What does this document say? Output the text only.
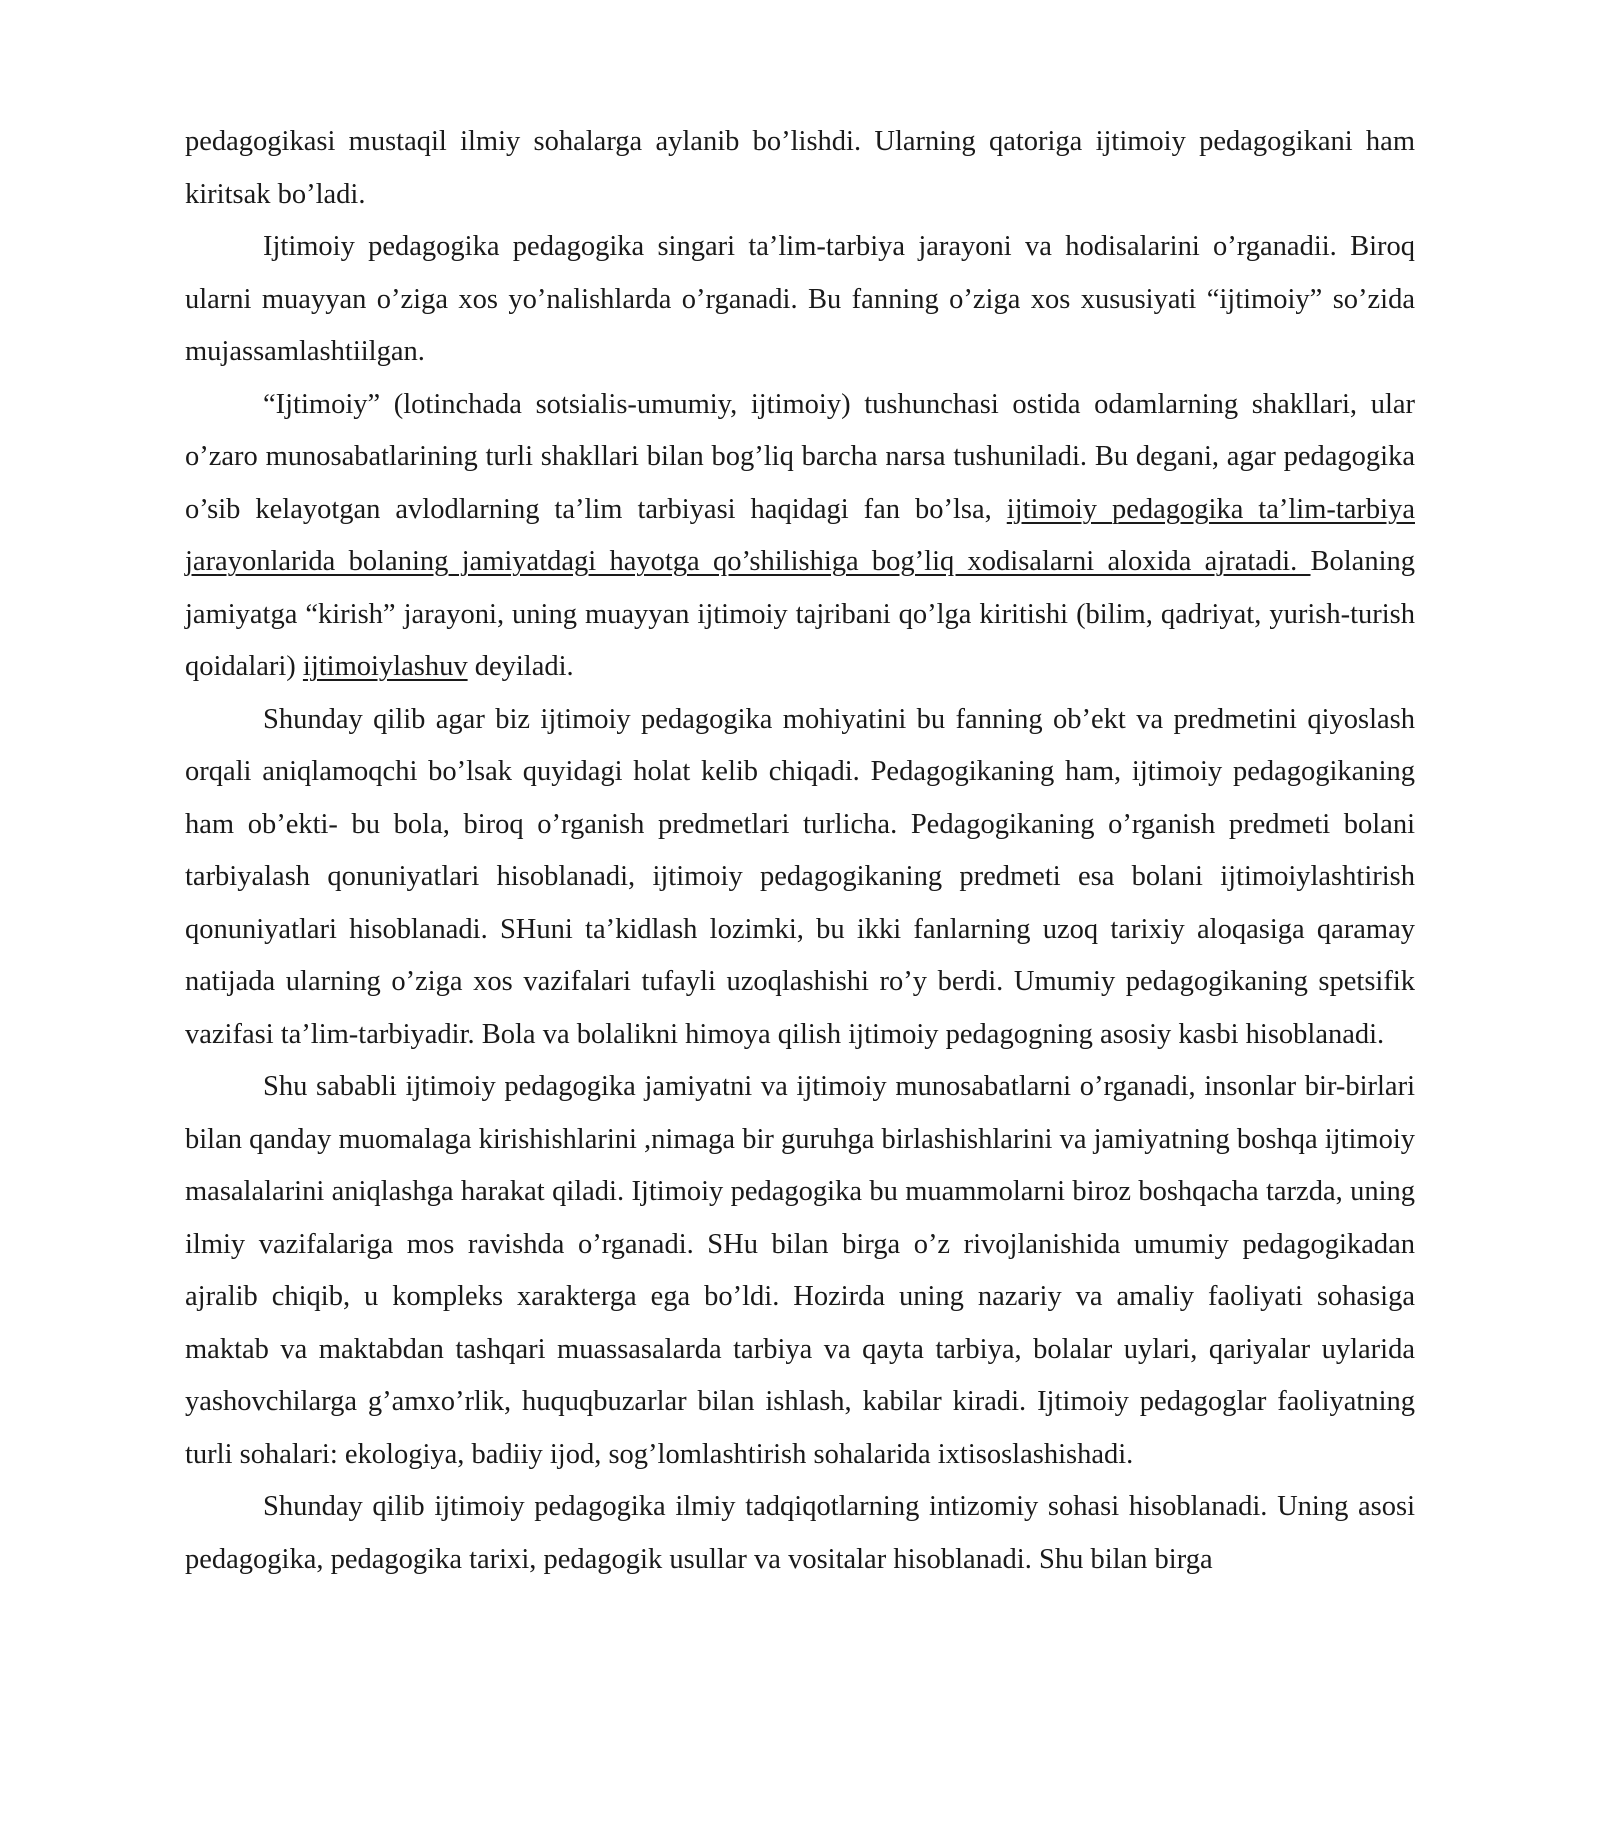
pedagogikasi mustaqil ilmiy sohalarga aylanib bo’lishdi. Ularning qatoriga ijtimoiy pedagogikani ham kiritsak bo’ladi.

Ijtimoiy pedagogika pedagogika singari ta’lim-tarbiya jarayoni va hodisalarini o’rganadii. Biroq ularni muayyan o’ziga xos yo’nalishlarda o’rganadi. Bu fanning o’ziga xos xususiyati “ijtimoiy” so’zida mujassamlashtiilgan.

“Ijtimoiy” (lotinchada sotsialis-umumiy, ijtimoiy) tushunchasi ostida odamlarning shakllari, ular o’zaro munosabatlarining turli shakllari bilan bog’liq barcha narsa tushuniladi. Bu degani, agar pedagogika o’sib kelayotgan avlodlarning ta’lim tarbiyasi haqidagi fan bo’lsa, ijtimoiy pedagogika ta’lim-tarbiya jarayonlarida bolaning jamiyatdagi hayotga qo’shilishiga bog’liq xodisalarni aloxida ajratadi. Bolaning jamiyatga “kirish” jarayoni, uning muayyan ijtimoiy tajribani qo’lga kiritishi (bilim, qadriyat, yurish-turish qoidalari) ijtimoiylashuv deyiladi.

Shunday qilib agar biz ijtimoiy pedagogika mohiyatini bu fanning ob’ekt va predmetini qiyoslash orqali aniqlamoqchi bo’lsak quyidagi holat kelib chiqadi. Pedagogikaning ham, ijtimoiy pedagogikaning ham ob’ekti- bu bola, biroq o’rganish predmetlari turlicha. Pedagogikaning o’rganish predmeti bolani tarbiyalash qonuniyatlari hisoblanadi, ijtimoiy pedagogikaning predmeti esa bolani ijtimoiylashtirish qonuniyatlari hisoblanadi. SHuni ta’kidlash lozimki, bu ikki fanlarning uzoq tarixiy aloqasiga qaramay natijada ularning o’ziga xos vazifalari tufayli uzoqlashishi ro’y berdi. Umumiy pedagogikaning spetsifik vazifasi ta’lim-tarbiyadir. Bola va bolalikni himoya qilish ijtimoiy pedagogning asosiy kasbi hisoblanadi.

Shu sababli ijtimoiy pedagogika jamiyatni va ijtimoiy munosabatlarni o’rganadi, insonlar bir-birlari bilan qanday muomalaga kirishishlarini ,nimaga bir guruhga birlashishlarini va jamiyatning boshqa ijtimoiy masalalarini aniqlashga harakat qiladi. Ijtimoiy pedagogika bu muammolarni biroz boshqacha tarzda, uning ilmiy vazifalariga mos ravishda o’rganadi. SHu bilan birga o’z rivojlanishida umumiy pedagogikadan ajralib chiqib, u kompleks xarakterga ega bo’ldi. Hozirda uning nazariy va amaliy faoliyati sohasiga maktab va maktabdan tashqari muassasalarda tarbiya va qayta tarbiya, bolalar uylari, qariyalar uylarida yashovchilarga g’amxo’rlik, huquqbuzarlar bilan ishlash, kabilar kiradi. Ijtimoiy pedagoglar faoliyatning turli sohalari: ekologiya, badiiy ijod, sog’lomlashtirish sohalarida ixtisoslashishadi.

Shunday qilib ijtimoiy pedagogika ilmiy tadqiqotlarning intizomiy sohasi hisoblanadi. Uning asosi pedagogika, pedagogika tarixi, pedagogik usullar va vositalar hisoblanadi. Shu bilan birga
